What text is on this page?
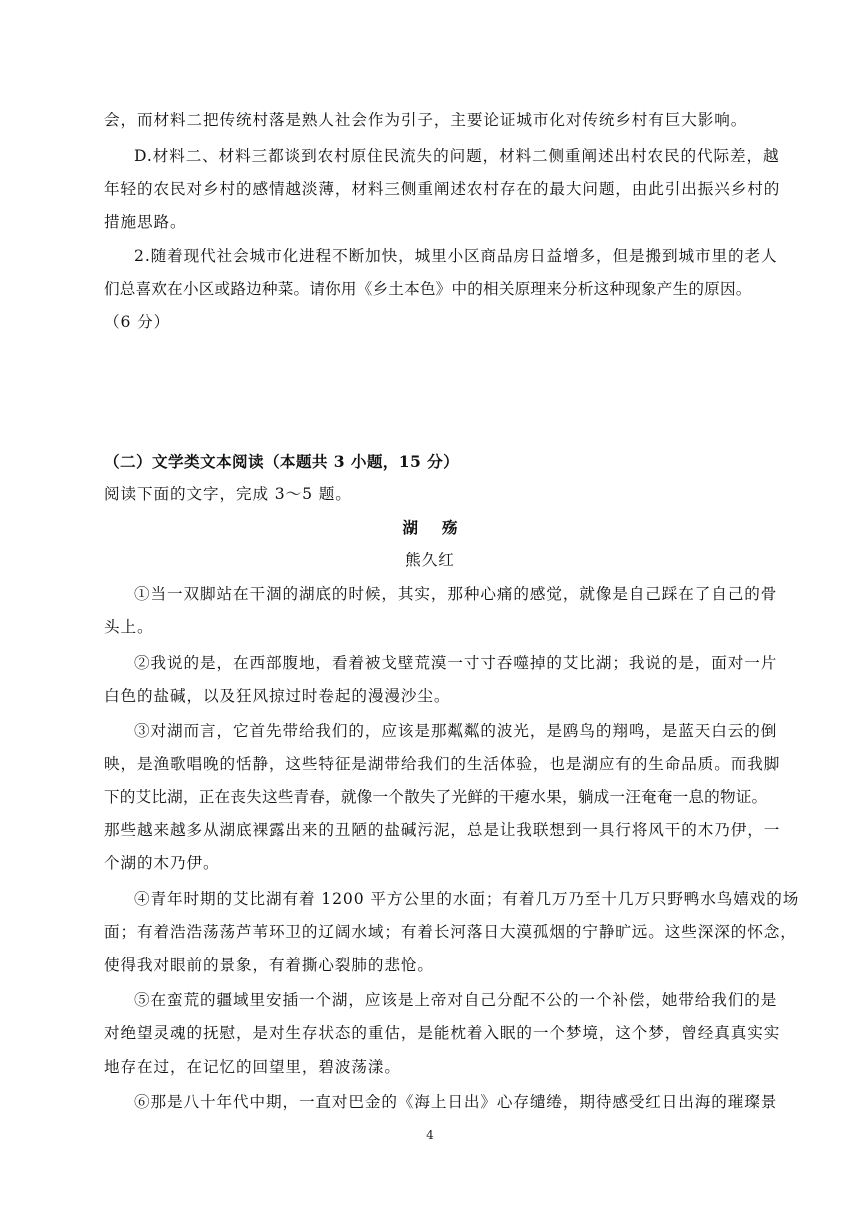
会，而材料二把传统村落是熟人社会作为引子，主要论证城市化对传统乡村有巨大影响。
D.材料二、材料三都谈到农村原住民流失的问题，材料二侧重阐述出村农民的代际差，越
年轻的农民对乡村的感情越淡薄，材料三侧重阐述农村存在的最大问题，由此引出振兴乡村的
措施思路。
2.随着现代社会城市化进程不断加快，城里小区商品房日益增多，但是搬到城市里的老人
们总喜欢在小区或路边种菜。请你用《乡土本色》中的相关原理来分析这种现象产生的原因。
（6 分）
（二）文学类文本阅读（本题共 3 小题，15 分）
阅读下面的文字，完成 3～5 题。
湖殇
熊久红
①当一双脚站在干涸的湖底的时候，其实，那种心痛的感觉，就像是自己踩在了自己的骨
头上。
②我说的是，在西部腹地，看着被戈壁荒漠一寸寸吞噬掉的艾比湖；我说的是，面对一片
白色的盐碱，以及狂风掠过时卷起的漫漫沙尘。
③对湖而言，它首先带给我们的，应该是那粼粼的波光，是鸥鸟的翔鸣，是蓝天白云的倒
映，是渔歌唱晚的恬静，这些特征是湖带给我们的生活体验，也是湖应有的生命品质。而我脚
下的艾比湖，正在丧失这些青春，就像一个散失了光鲜的干瘪水果，躺成一汪奄奄一息的物证。
那些越来越多从湖底裸露出来的丑陋的盐碱污泥，总是让我联想到一具行将风干的木乃伊，一
个湖的木乃伊。
④青年时期的艾比湖有着 1200 平方公里的水面；有着几万乃至十几万只野鸭水鸟嬉戏的场
面；有着浩浩荡荡芦苇环卫的辽阔水域；有着长河落日大漠孤烟的宁静旷远。这些深深的怀念，
使得我对眼前的景象，有着撕心裂肺的悲怆。
⑤在蛮荒的疆域里安插一个湖，应该是上帝对自己分配不公的一个补偿，她带给我们的是
对绝望灵魂的抚慰，是对生存状态的重估，是能枕着入眠的一个梦境，这个梦，曾经真真实实
地存在过，在记忆的回望里，碧波荡漾。
⑥那是八十年代中期，一直对巴金的《海上日出》心存缱绻，期待感受红日出海的璀璨景
4
